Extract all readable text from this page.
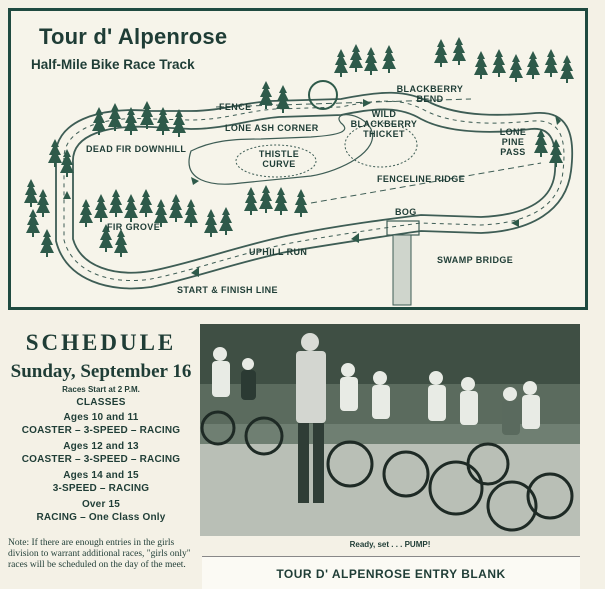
Tour d' Alpenrose
Half-Mile Bike Race Track
FENCE
BLACKBERRY
BEND
LONE ASH CORNER
WILD
BLACKBERRY
THICKET	LONE
PINE
PASS
DEAD FIR DOWNHILL	THISTLE
CURVE
FENCELINE RIDGE
BOG
FIR GROVE
UPHILL RUN
SWAMP BRIDGE
START & FINISH LINE
SCHEDULE
Sunday, September 16
Races Start at 2 P.M.
CLASSES
Ages 10 and 11
COASTER – 3-SPEED – RACING
Ages 12 and 13
COASTER – 3-SPEED – RACING
Ages 14 and 15
3-SPEED – RACING
Over 15
RACING – One Class Only
Note: If there are enough entries in the girls division to warrant additional races, "girls only" races will be scheduled on the day of the meet.
Ready, set . . . PUMP!
TOUR D' ALPENROSE ENTRY BLANK
